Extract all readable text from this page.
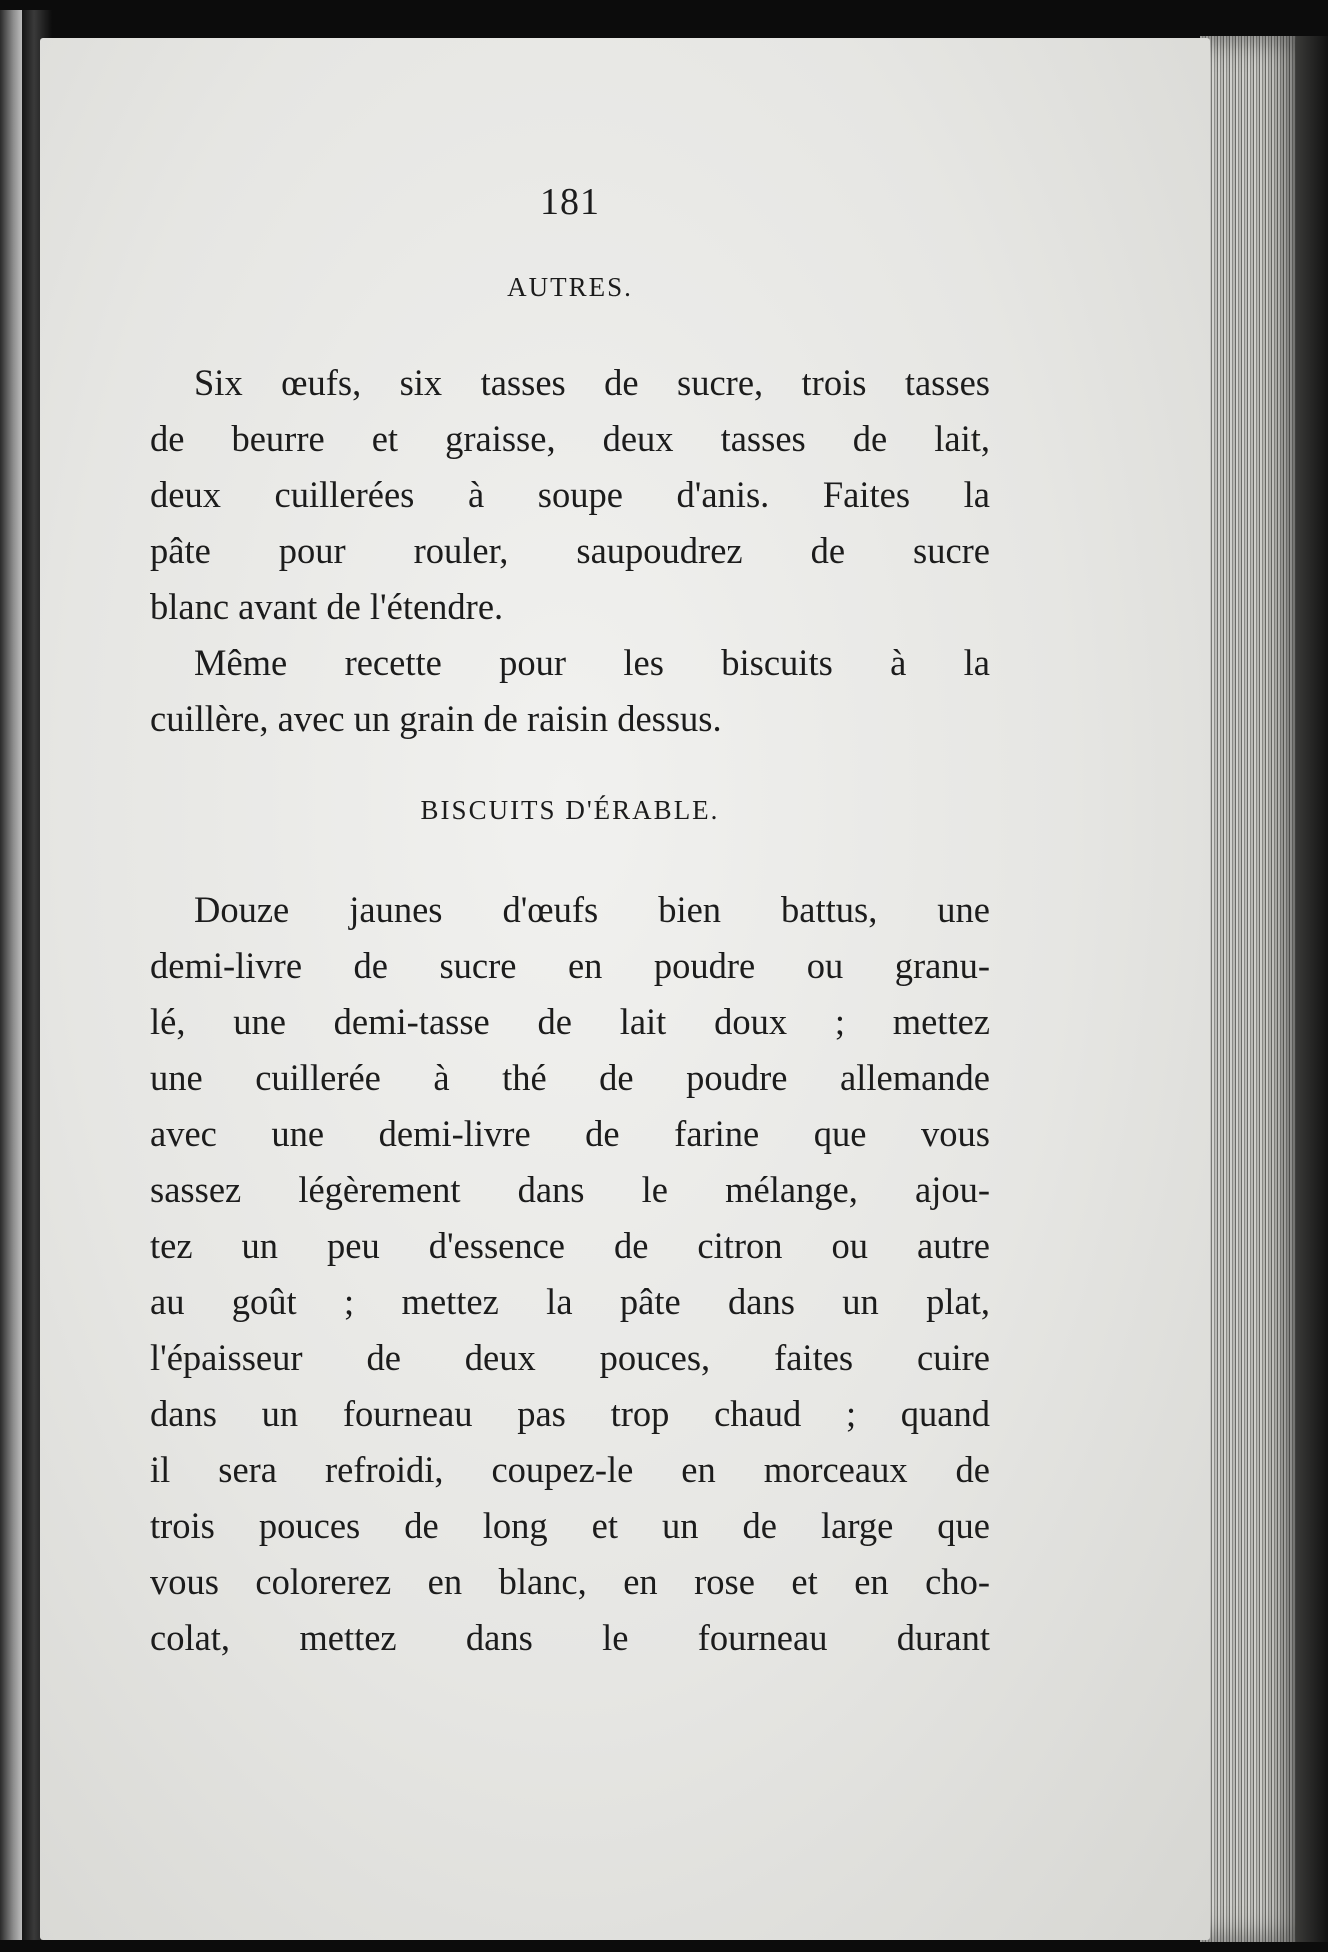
181
AUTRES.
Six œufs, six tasses de sucre, trois tasses
de beurre et graisse, deux tasses de lait,
deux cuillerées à soupe d'anis. Faites la
pâte pour rouler, saupoudrez de sucre
blanc avant de l'étendre.
Même recette pour les biscuits à la
cuillère, avec un grain de raisin dessus.
BISCUITS D'ÉRABLE.
Douze jaunes d'œufs bien battus, une
demi-livre de sucre en poudre ou granu-
lé, une demi-tasse de lait doux ; mettez
une cuillerée à thé de poudre allemande
avec une demi-livre de farine que vous
sassez légèrement dans le mélange, ajou-
tez un peu d'essence de citron ou autre
au goût ; mettez la pâte dans un plat,
l'épaisseur de deux pouces, faites cuire
dans un fourneau pas trop chaud ; quand
il sera refroidi, coupez-le en morceaux de
trois pouces de long et un de large que
vous colorerez en blanc, en rose et en cho-
colat, mettez dans le fourneau durant
